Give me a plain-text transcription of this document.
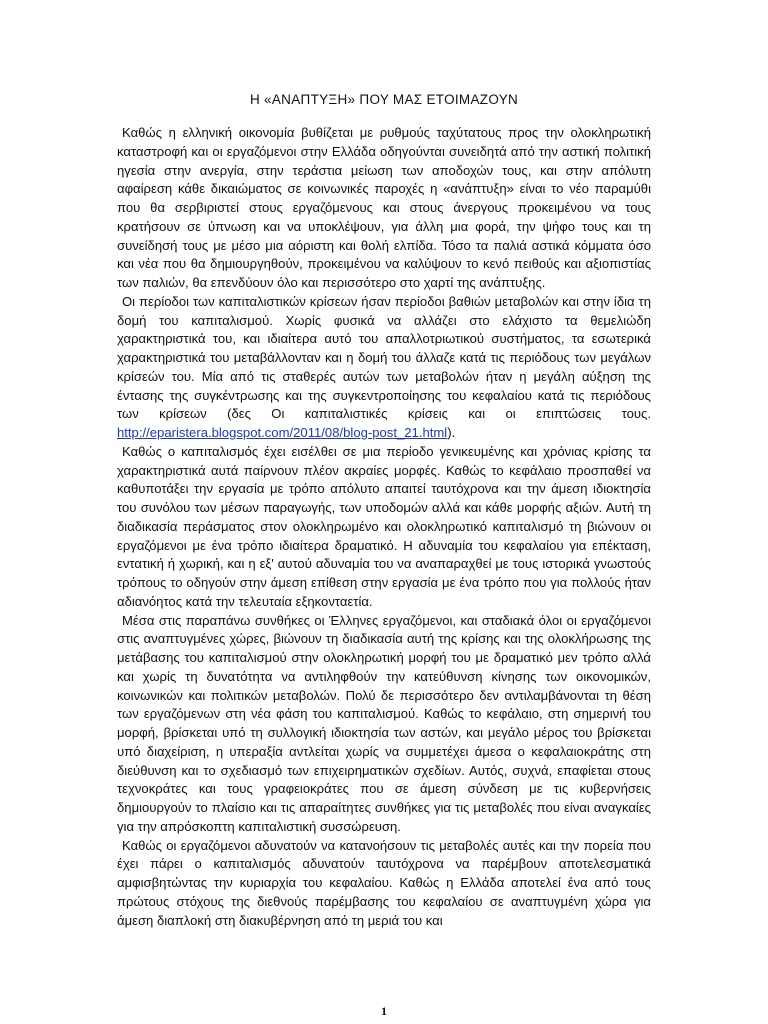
Η «ΑΝΑΠΤΥΞΗ» ΠΟΥ ΜΑΣ ΕΤΟΙΜΑΖΟΥΝ

Καθώς η ελληνική οικονομία βυθίζεται με ρυθμούς ταχύτατους προς την ολοκληρωτική καταστροφή και οι εργαζόμενοι στην Ελλάδα οδηγούνται συνειδητά από την αστική πολιτική ηγεσία στην ανεργία, στην τεράστια μείωση των αποδοχών τους, και στην απόλυτη αφαίρεση κάθε δικαιώματος σε κοινωνικές παροχές η «ανάπτυξη» είναι το νέο παραμύθι που θα σερβιριστεί στους εργαζόμενους και στους άνεργους προκειμένου να τους κρατήσουν σε ύπνωση και να υποκλέψουν, για άλλη μια φορά, την ψήφο τους και τη συνείδησή τους με μέσο μια αόριστη και θολή ελπίδα. Τόσο τα παλιά αστικά κόμματα όσο και νέα που θα δημιουργηθούν, προκειμένου να καλύψουν το κενό πειθούς και αξιοπιστίας των παλιών, θα επενδύουν όλο και περισσότερο στο χαρτί της ανάπτυξης.

Οι περίοδοι των καπιταλιστικών κρίσεων ήσαν περίοδοι βαθιών μεταβολών και στην ίδια τη δομή του καπιταλισμού. Χωρίς φυσικά να αλλάζει στο ελάχιστο τα θεμελιώδη χαρακτηριστικά του, και ιδιαίτερα αυτό του απαλλοτριωτικού συστήματος, τα εσωτερικά χαρακτηριστικά του μεταβάλλονταν και η δομή του άλλαζε κατά τις περιόδους των μεγάλων κρίσεών του. Μία από τις σταθερές αυτών των μεταβολών ήταν η μεγάλη αύξηση της έντασης της συγκέντρωσης και της συγκεντροποίησης του κεφαλαίου κατά τις περιόδους των κρίσεων (δες Οι καπιταλιστικές κρίσεις και οι επιπτώσεις τους. http://eparistera.blogspot.com/2011/08/blog-post_21.html).

Καθώς ο καπιταλισμός έχει εισέλθει σε μια περίοδο γενικευμένης και χρόνιας κρίσης τα χαρακτηριστικά αυτά παίρνουν πλέον ακραίες μορφές. Καθώς το κεφάλαιο προσπαθεί να καθυποτάξει την εργασία με τρόπο απόλυτο απαιτεί ταυτόχρονα και την άμεση ιδιοκτησία του συνόλου των μέσων παραγωγής, των υποδομών αλλά και κάθε μορφής αξιών. Αυτή τη διαδικασία περάσματος στον ολοκληρωμένο και ολοκληρωτικό καπιταλισμό τη βιώνουν οι εργαζόμενοι με ένα τρόπο ιδιαίτερα δραματικό. Η αδυναμία του κεφαλαίου για επέκταση, εντατική ή χωρική, και η εξ' αυτού αδυναμία του να αναπαραχθεί με τους ιστορικά γνωστούς τρόπους το οδηγούν στην άμεση επίθεση στην εργασία με ένα τρόπο που για πολλούς ήταν αδιανόητος κατά την τελευταία εξηκονταετία.

Μέσα στις παραπάνω συνθήκες οι Έλληνες εργαζόμενοι, και σταδιακά όλοι οι εργαζόμενοι στις αναπτυγμένες χώρες, βιώνουν τη διαδικασία αυτή της κρίσης και της ολοκλήρωσης της μετάβασης του καπιταλισμού στην ολοκληρωτική μορφή του με δραματικό μεν τρόπο αλλά και χωρίς τη δυνατότητα να αντιληφθούν την κατεύθυνση κίνησης των οικονομικών, κοινωνικών και πολιτικών μεταβολών. Πολύ δε περισσότερο δεν αντιλαμβάνονται τη θέση των εργαζόμενων στη νέα φάση του καπιταλισμού. Καθώς το κεφάλαιο, στη σημερινή του μορφή, βρίσκεται υπό τη συλλογική ιδιοκτησία των αστών, και μεγάλο μέρος του βρίσκεται υπό διαχείριση, η υπεραξία αντλείται χωρίς να συμμετέχει άμεσα ο κεφαλαιοκράτης στη διεύθυνση και το σχεδιασμό των επιχειρηματικών σχεδίων. Αυτός, συχνά, επαφίεται στους τεχνοκράτες και τους γραφειοκράτες που σε άμεση σύνδεση με τις κυβερνήσεις δημιουργούν το πλαίσιο και τις απαραίτητες συνθήκες για τις μεταβολές που είναι αναγκαίες για την απρόσκοπτη καπιταλιστική συσσώρευση.

Καθώς οι εργαζόμενοι αδυνατούν να κατανοήσουν τις μεταβολές αυτές και την πορεία που έχει πάρει ο καπιταλισμός αδυνατούν ταυτόχρονα να παρέμβουν αποτελεσματικά αμφισβητώντας την κυριαρχία του κεφαλαίου. Καθώς η Ελλάδα αποτελεί ένα από τους πρώτους στόχους της διεθνούς παρέμβασης του κεφαλαίου σε αναπτυγμένη χώρα για άμεση διαπλοκή στη διακυβέρνηση από τη μεριά του και

1
